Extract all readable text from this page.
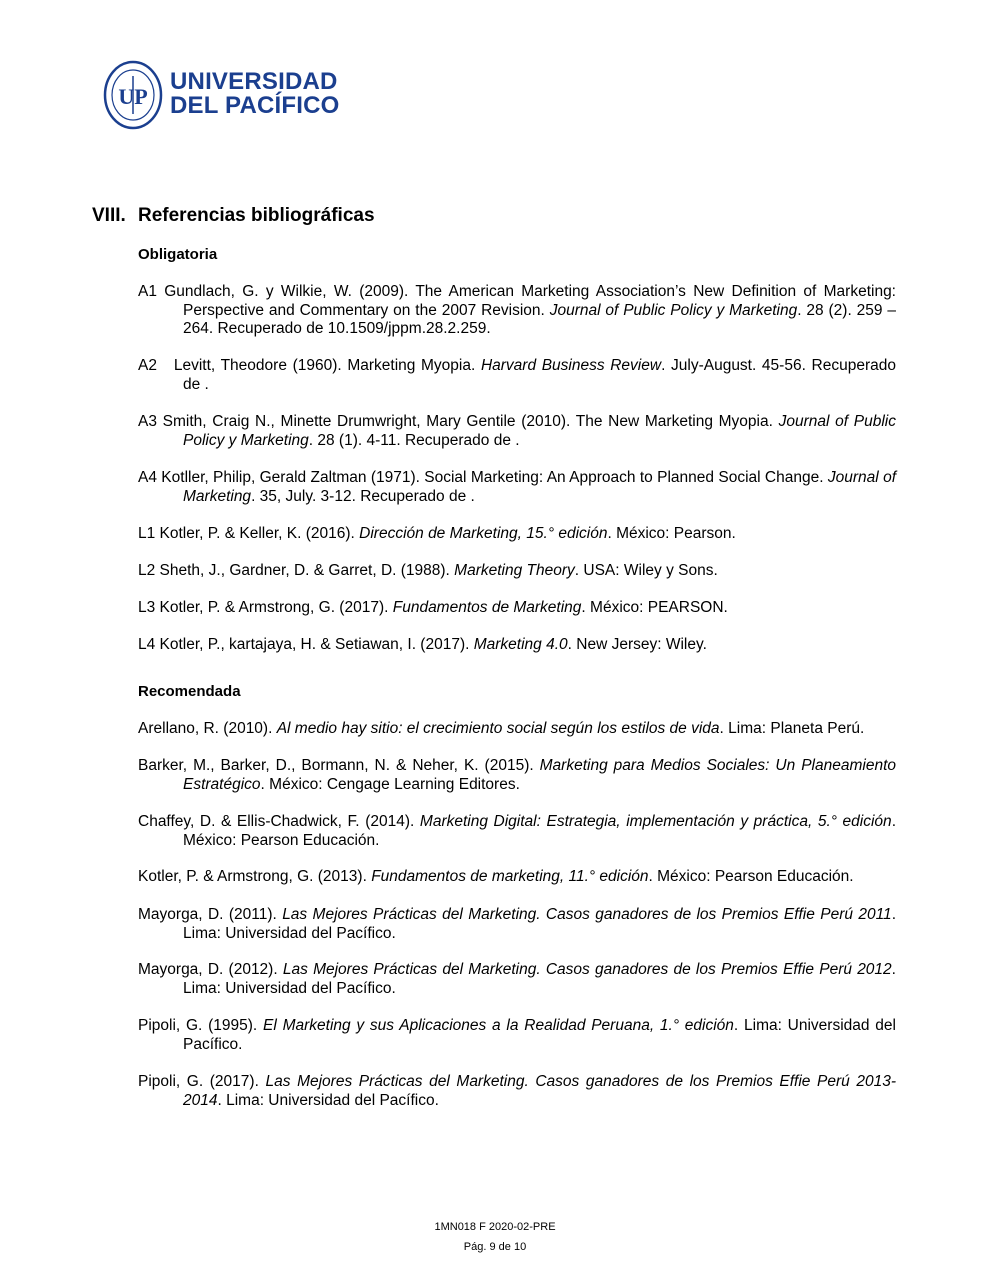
UP
UNIVERSIDAD
DEL PACÍFICO
VIII. Referencias bibliográficas
Obligatoria
A1 Gundlach, G. y Wilkie, W. (2009). The American Marketing Association’s New Definition of Marketing: Perspective and Commentary on the 2007 Revision. Journal of Public Policy y Marketing. 28 (2). 259 – 264. Recuperado de 10.1509/jppm.28.2.259.
A2   Levitt, Theodore (1960). Marketing Myopia. Harvard Business Review. July-August. 45-56. Recuperado de .
A3 Smith, Craig N., Minette Drumwright, Mary Gentile (2010). The New Marketing Myopia. Journal of Public Policy y Marketing. 28 (1). 4-11. Recuperado de .
A4 Kotller, Philip, Gerald Zaltman (1971). Social Marketing: An Approach to Planned Social Change. Journal of Marketing. 35, July. 3-12. Recuperado de .
L1 Kotler, P. & Keller, K. (2016). Dirección de Marketing, 15.° edición. México: Pearson.
L2 Sheth, J., Gardner, D. & Garret, D. (1988). Marketing Theory. USA: Wiley y Sons.
L3 Kotler, P. & Armstrong, G. (2017). Fundamentos de Marketing. México: PEARSON.
L4 Kotler, P., kartajaya, H. & Setiawan, I. (2017). Marketing 4.0. New Jersey: Wiley.
Recomendada
Arellano, R. (2010). Al medio hay sitio: el crecimiento social según los estilos de vida. Lima: Planeta Perú.
Barker, M., Barker, D., Bormann, N. & Neher, K. (2015). Marketing para Medios Sociales: Un Planeamiento Estratégico. México: Cengage Learning Editores.
Chaffey, D. & Ellis-Chadwick, F. (2014). Marketing Digital: Estrategia, implementación y práctica, 5.° edición. México: Pearson Educación.
Kotler, P. & Armstrong, G. (2013). Fundamentos de marketing, 11.° edición. México: Pearson Educación.
Mayorga, D. (2011). Las Mejores Prácticas del Marketing. Casos ganadores de los Premios Effie Perú 2011. Lima: Universidad del Pacífico.
Mayorga, D. (2012). Las Mejores Prácticas del Marketing. Casos ganadores de los Premios Effie Perú 2012. Lima: Universidad del Pacífico.
Pipoli, G. (1995). El Marketing y sus Aplicaciones a la Realidad Peruana, 1.° edición. Lima: Universidad del Pacífico.
Pipoli, G. (2017). Las Mejores Prácticas del Marketing. Casos ganadores de los Premios Effie Perú 2013-2014. Lima: Universidad del Pacífico.
1MN018 F 2020-02-PRE
Pág. 9 de 10
